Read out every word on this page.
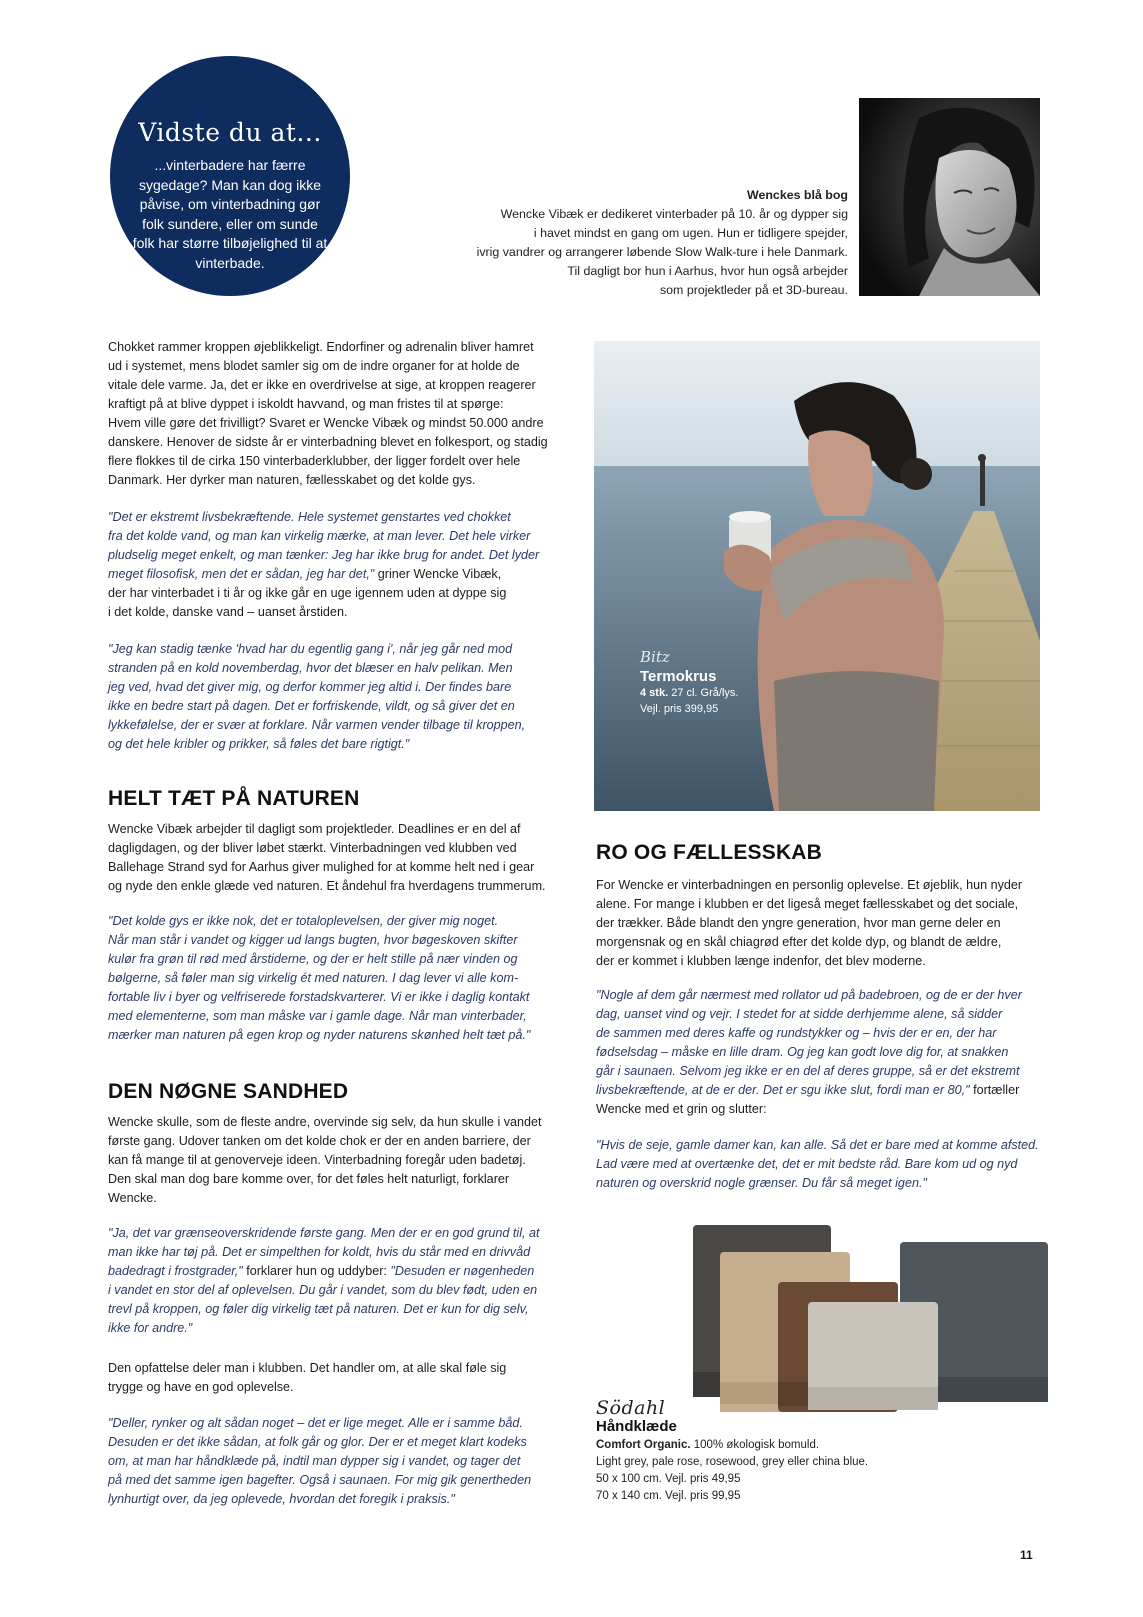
Vidste du at...
...vinterbadere har færre sygedage? Man kan dog ikke påvise, om vinterbadning gør folk sundere, eller om sunde folk har større tilbøjelighed til at vinterbade.
Wenckes blå bog
Wencke Vibæk er dedikeret vinterbader på 10. år og dypper sig
i havet mindst en gang om ugen. Hun er tidligere spejder,
ivrig vandrer og arrangerer løbende Slow Walk-ture i hele Danmark.
Til dagligt bor hun i Aarhus, hvor hun også arbejder
som projektleder på et 3D-bureau.
Chokket rammer kroppen øjeblikkeligt. Endorfiner og adrenalin bliver hamret
ud i systemet, mens blodet samler sig om de indre organer for at holde de
vitale dele varme. Ja, det er ikke en overdrivelse at sige, at kroppen reagerer
kraftigt på at blive dyppet i iskoldt havvand, og man fristes til at spørge:
Hvem ville gøre det frivilligt? Svaret er Wencke Vibæk og mindst 50.000 andre
danskere. Henover de sidste år er vinterbadning blevet en folkesport, og stadig
flere flokkes til de cirka 150 vinterbaderklubber, der ligger fordelt over hele
Danmark. Her dyrker man naturen, fællesskabet og det kolde gys.
"Det er ekstremt livsbekræftende. Hele systemet genstartes ved chokket
fra det kolde vand, og man kan virkelig mærke, at man lever. Det hele virker
pludselig meget enkelt, og man tænker: Jeg har ikke brug for andet. Det lyder
meget filosofisk, men det er sådan, jeg har det," griner Wencke Vibæk,
der har vinterbadet i ti år og ikke går en uge igennem uden at dyppe sig
i det kolde, danske vand – uanset årstiden.
"Jeg kan stadig tænke 'hvad har du egentlig gang i', når jeg går ned mod
stranden på en kold novemberdag, hvor det blæser en halv pelikan. Men
jeg ved, hvad det giver mig, og derfor kommer jeg altid i. Der findes bare
ikke en bedre start på dagen. Det er forfriskende, vildt, og så giver det en
lykkefølelse, der er svær at forklare. Når varmen vender tilbage til kroppen,
og det hele kribler og prikker, så føles det bare rigtigt."
HELT TÆT PÅ NATUREN
Wencke Vibæk arbejder til dagligt som projektleder. Deadlines er en del af
dagligdagen, og der bliver løbet stærkt. Vinterbadningen ved klubben ved
Ballehage Strand syd for Aarhus giver mulighed for at komme helt ned i gear
og nyde den enkle glæde ved naturen. Et åndehul fra hverdagens trummerum.
"Det kolde gys er ikke nok, det er totaloplevelsen, der giver mig noget.
Når man står i vandet og kigger ud langs bugten, hvor bøgeskoven skifter
kulør fra grøn til rød med årstiderne, og der er helt stille på nær vinden og
bølgerne, så føler man sig virkelig ét med naturen. I dag lever vi alle kom-
fortable liv i byer og velfriserede forstadskvarterer. Vi er ikke i daglig kontakt
med elementerne, som man måske var i gamle dage. Når man vinterbader,
mærker man naturen på egen krop og nyder naturens skønhed helt tæt på."
DEN NØGNE SANDHED
Wencke skulle, som de fleste andre, overvinde sig selv, da hun skulle i vandet
første gang. Udover tanken om det kolde chok er der en anden barriere, der
kan få mange til at genoverveje ideen. Vinterbadning foregår uden badetøj.
Den skal man dog bare komme over, for det føles helt naturligt, forklarer
Wencke.
"Ja, det var grænseoverskridende første gang. Men der er en god grund til, at
man ikke har tøj på. Det er simpelthen for koldt, hvis du står med en drivvåd
badedragt i frostgrader," forklarer hun og uddyber: "Desuden er nøgenheden
i vandet en stor del af oplevelsen. Du går i vandet, som du blev født, uden en
trevl på kroppen, og føler dig virkelig tæt på naturen. Det er kun for dig selv,
ikke for andre."
Den opfattelse deler man i klubben. Det handler om, at alle skal føle sig
trygge og have en god oplevelse.
"Deller, rynker og alt sådan noget – det er lige meget. Alle er i samme båd.
Desuden er det ikke sådan, at folk går og glor. Der er et meget klart kodeks
om, at man har håndklæde på, indtil man dypper sig i vandet, og tager det
på med det samme igen bagefter. Også i saunaen. For mig gik genertheden
lynhurtigt over, da jeg oplevede, hvordan det foregik i praksis."
Bitz
Termokrus
4 stk. 27 cl. Grå/lys.
Vejl. pris 399,95
RO OG FÆLLESSKAB
For Wencke er vinterbadningen en personlig oplevelse. Et øjeblik, hun nyder
alene. For mange i klubben er det ligeså meget fællesskabet og det sociale,
der trækker. Både blandt den yngre generation, hvor man gerne deler en
morgensnak og en skål chiagrød efter det kolde dyp, og blandt de ældre,
der er kommet i klubben længe indenfor, det blev moderne.
"Nogle af dem går nærmest med rollator ud på badebroen, og de er der hver
dag, uanset vind og vejr. I stedet for at sidde derhjemme alene, så sidder
de sammen med deres kaffe og rundstykker og – hvis der er en, der har
fødselsdag – måske en lille dram. Og jeg kan godt love dig for, at snakken
går i saunaen. Selvom jeg ikke er en del af deres gruppe, så er det ekstremt
livsbekræftende, at de er der. Det er sgu ikke slut, fordi man er 80," fortæller
Wencke med et grin og slutter:
"Hvis de seje, gamle damer kan, kan alle. Så det er bare med at komme afsted.
Lad være med at overtænke det, det er mit bedste råd. Bare kom ud og nyd
naturen og overskrid nogle grænser. Du får så meget igen."
Södahl
Håndklæde
Comfort Organic. 100% økologisk bomuld.
Light grey, pale rose, rosewood, grey eller china blue.
50 x 100 cm. Vejl. pris 49,95
70 x 140 cm. Vejl. pris 99,95
11
